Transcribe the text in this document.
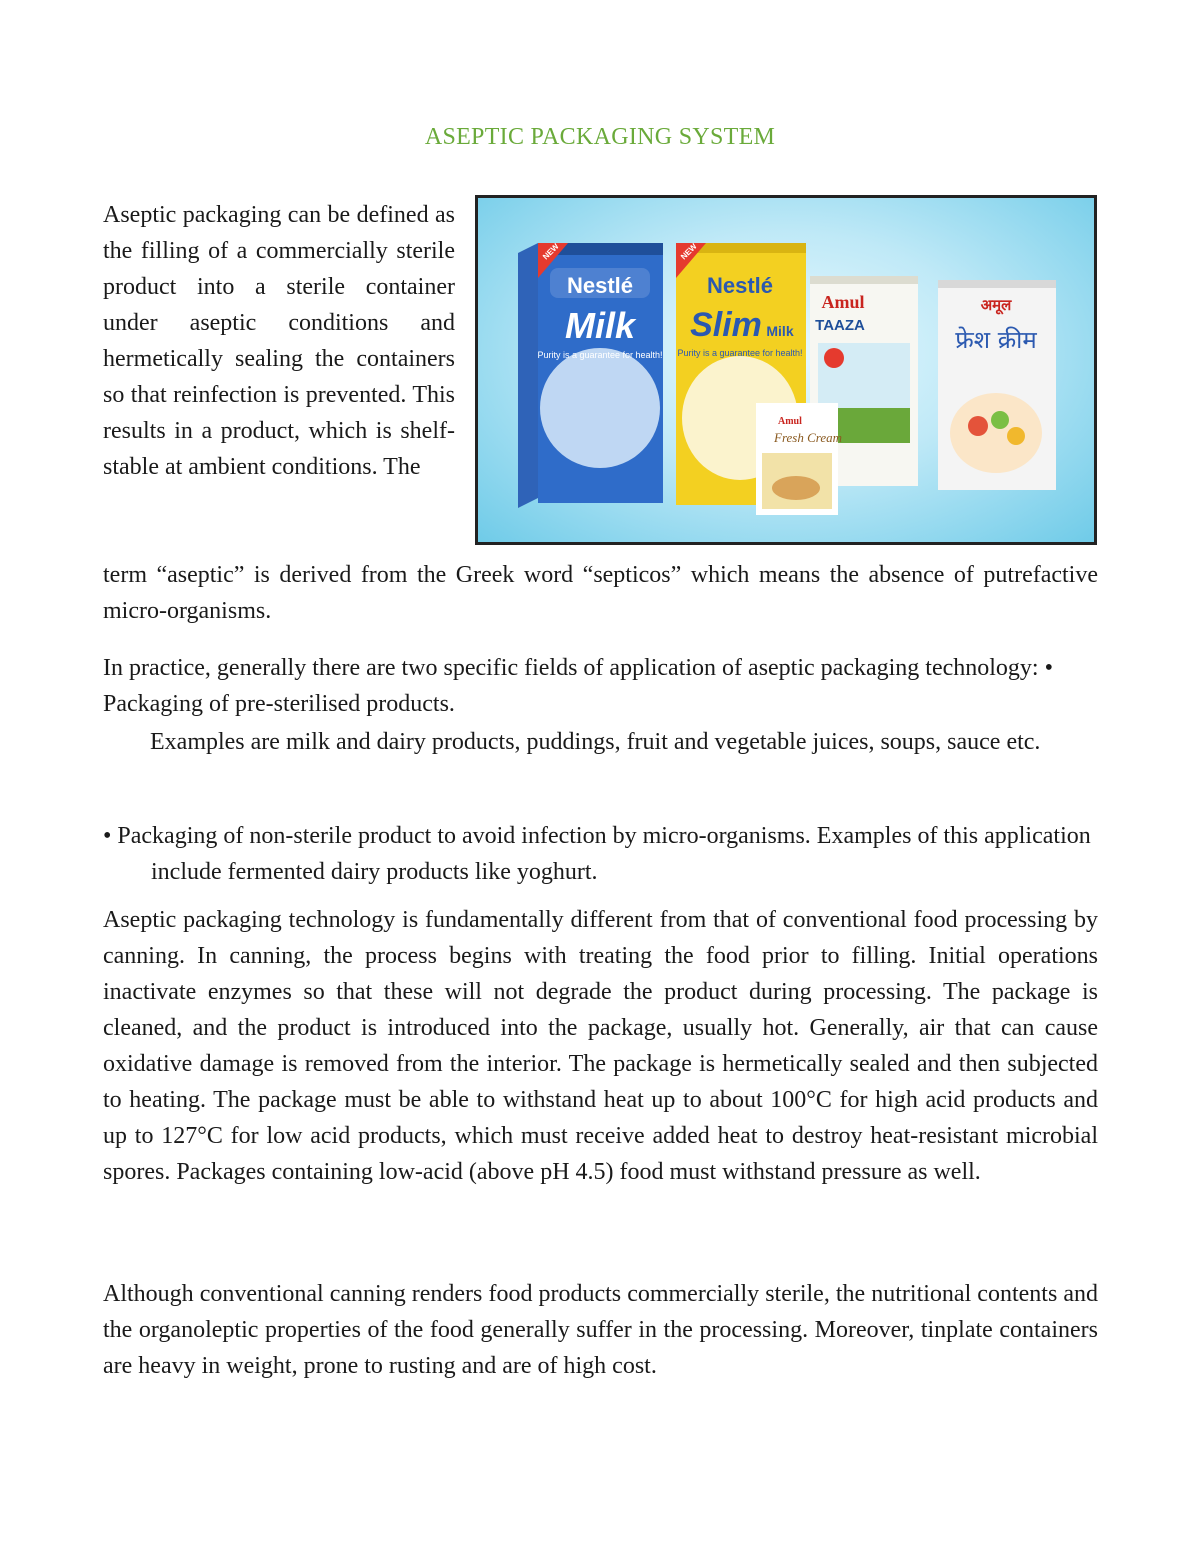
ASEPTIC PACKAGING SYSTEM
Nestlé
Milk
Purity is a guarantee for health!
NEW
Nestlé
Slim Milk
Purity is a guarantee for health!
NEW
Amul
TAAZA
Amul
Fresh Cream
अमूल
फ्रेश क्रीम

Aseptic packaging can be defined as the filling of a commercially sterile product into a sterile container under aseptic conditions and hermetically sealing the containers so that reinfection is prevented. This results in a product, which is shelf-stable at ambient conditions. The

term “aseptic” is derived from the Greek word “septicos” which means the absence of putrefactive micro-organisms.

In practice, generally there are two specific fields of application of aseptic packaging technology: • Packaging of pre-sterilised products.

Examples are milk and dairy products, puddings, fruit and vegetable juices, soups, sauce etc.

• Packaging of non-sterile product to avoid infection by micro-organisms. Examples of this application include fermented dairy products like yoghurt.

Aseptic packaging technology is fundamentally different from that of conventional food processing by canning. In canning, the process begins with treating the food prior to filling. Initial operations inactivate enzymes so that these will not degrade the product during processing. The package is cleaned, and the product is introduced into the package, usually hot. Generally, air that can cause oxidative damage is removed from the interior. The package is hermetically sealed and then subjected to heating. The package must be able to withstand heat up to about 100°C for high acid products and up to 127°C for low acid products, which must receive added heat to destroy heat-resistant microbial spores. Packages containing low-acid (above pH 4.5) food must withstand pressure as well.

Although conventional canning renders food products commercially sterile, the nutritional contents and the organoleptic properties of the food generally suffer in the processing. Moreover, tinplate containers are heavy in weight, prone to rusting and are of high cost.
